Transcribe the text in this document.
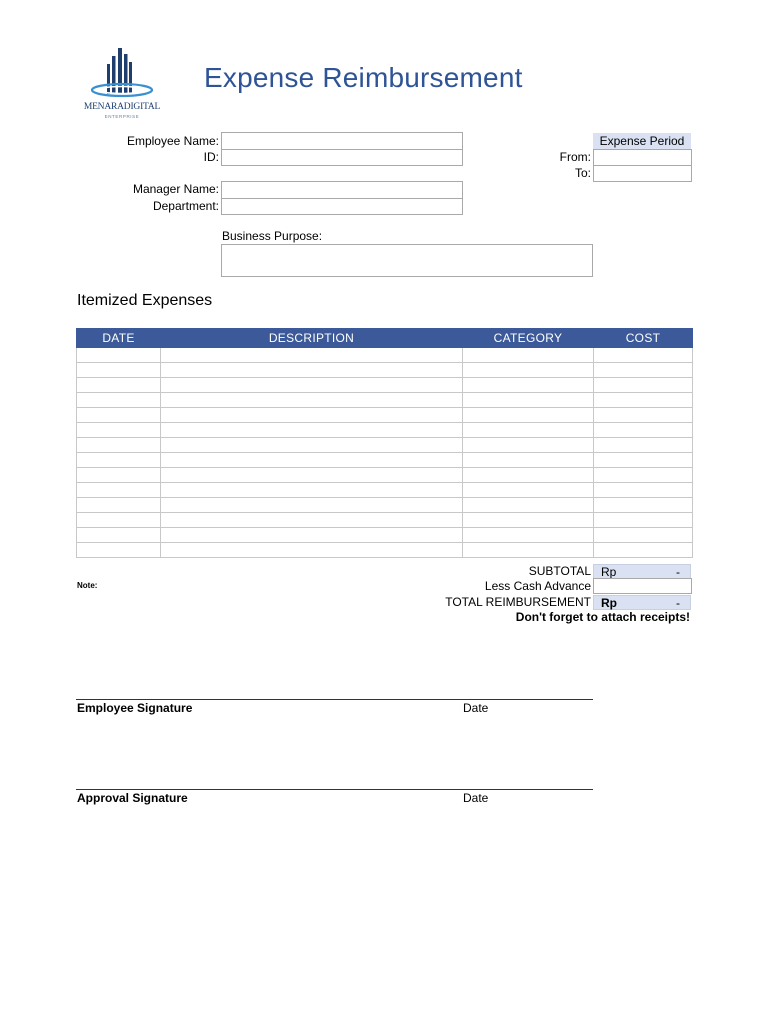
MENARADIGITAL
ENTERPRISE
Expense Reimbursement
Employee Name:
ID:
Manager Name:
Department:
Business Purpose:
Expense Period
From:
To:
Itemized Expenses
DATE	DESCRIPTION	CATEGORY	COST

SUBTOTAL Rp	-
Note:	Less Cash Advance
TOTAL REIMBURSEMENT Rp	-
Don't forget to attach receipts!
Employee Signature	Date
Approval Signature	Date
